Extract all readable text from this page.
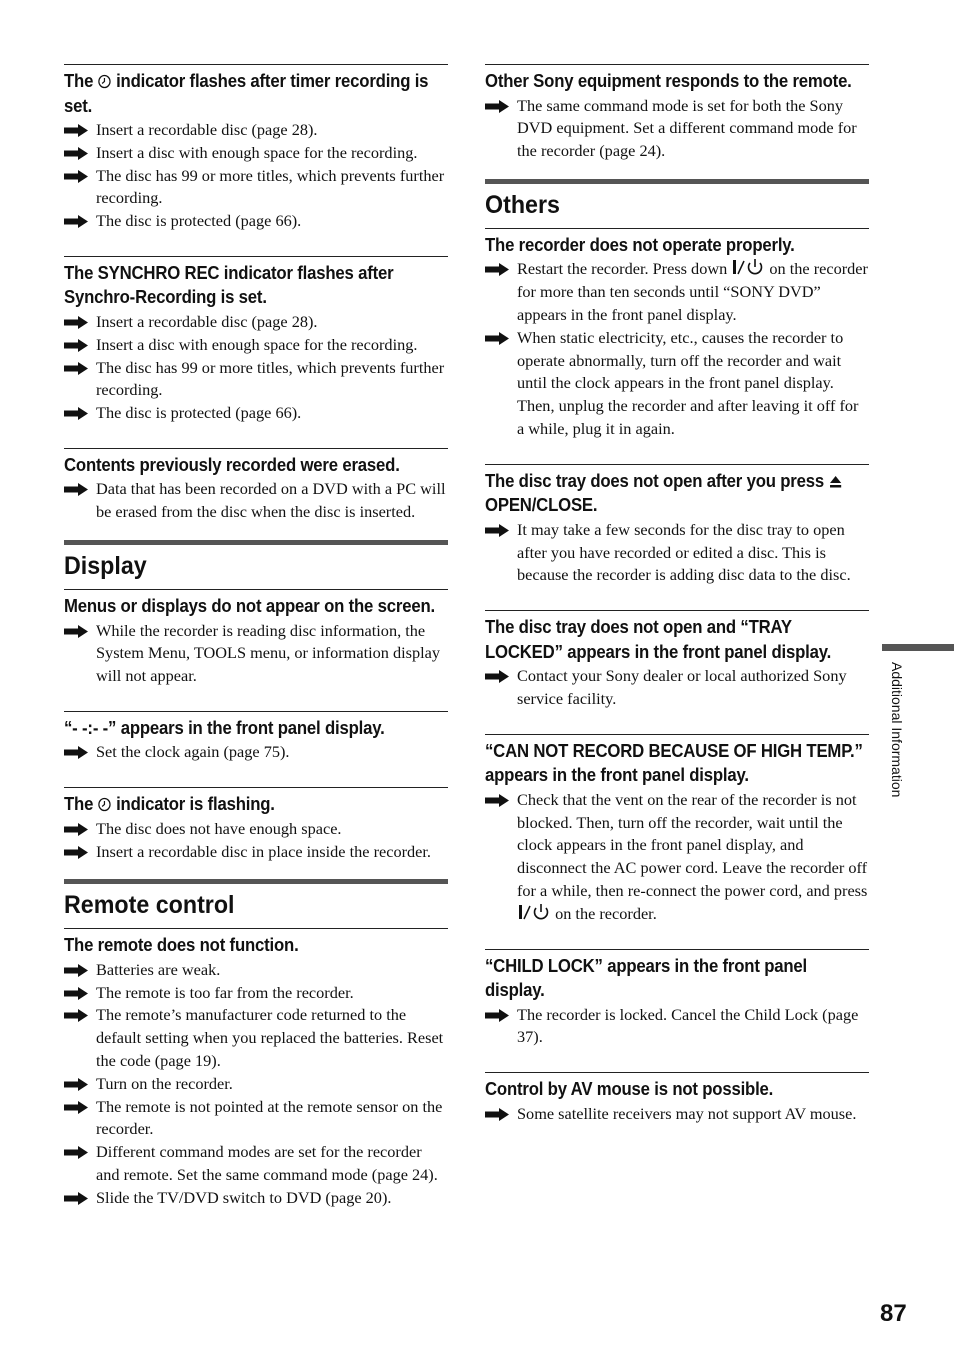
The  indicator flashes after timer recording is set.
Insert a recordable disc (page 28).
Insert a disc with enough space for the recording.
The disc has 99 or more titles, which prevents further recording.
The disc is protected (page 66).
The SYNCHRO REC indicator flashes after Synchro-Recording is set.
Insert a recordable disc (page 28).
Insert a disc with enough space for the recording.
The disc has 99 or more titles, which prevents further recording.
The disc is protected (page 66).
Contents previously recorded were erased.
Data that has been recorded on a DVD with a PC will be erased from the disc when the disc is inserted.
Display
Menus or displays do not appear on the screen.
While the recorder is reading disc information, the System Menu, TOOLS menu, or information display will not appear.
“- -:- -” appears in the front panel display.
Set the clock again (page 75).
The  indicator is flashing.
The disc does not have enough space.
Insert a recordable disc in place inside the recorder.
Remote control
The remote does not function.
Batteries are weak.
The remote is too far from the recorder.
The remote’s manufacturer code returned to the default setting when you replaced the batteries. Reset the code (page 19).
Turn on the recorder.
The remote is not pointed at the remote sensor on the recorder.
Different command modes are set for the recorder and remote. Set the same command mode (page 24).
Slide the TV/DVD switch to DVD (page 20).
Other Sony equipment responds to the remote.
The same command mode is set for both the Sony DVD equipment. Set a different command mode for the recorder (page 24).
Others
The recorder does not operate properly.
Restart the recorder. Press down  on the recorder for more than ten seconds until “SONY DVD” appears in the front panel display.
When static electricity, etc., causes the recorder to operate abnormally, turn off the recorder and wait until the clock appears in the front panel display. Then, unplug the recorder and after leaving it off for a while, plug it in again.
The disc tray does not open after you press  OPEN/CLOSE.
It may take a few seconds for the disc tray to open after you have recorded or edited a disc. This is because the recorder is adding disc data to the disc.
The disc tray does not open and “TRAY LOCKED” appears in the front panel display.
Contact your Sony dealer or local authorized Sony service facility.
“CAN NOT RECORD BECAUSE OF HIGH TEMP.” appears in the front panel display.
Check that the vent on the rear of the recorder is not blocked. Then, turn off the recorder, wait until the clock appears in the front panel display, and disconnect the AC power cord. Leave the recorder off for a while, then re-connect the power cord, and press  on the recorder.
“CHILD LOCK” appears in the front panel display.
The recorder is locked. Cancel the Child Lock (page 37).
Control by AV mouse is not possible.
Some satellite receivers may not support AV mouse.
Additional Information
87
